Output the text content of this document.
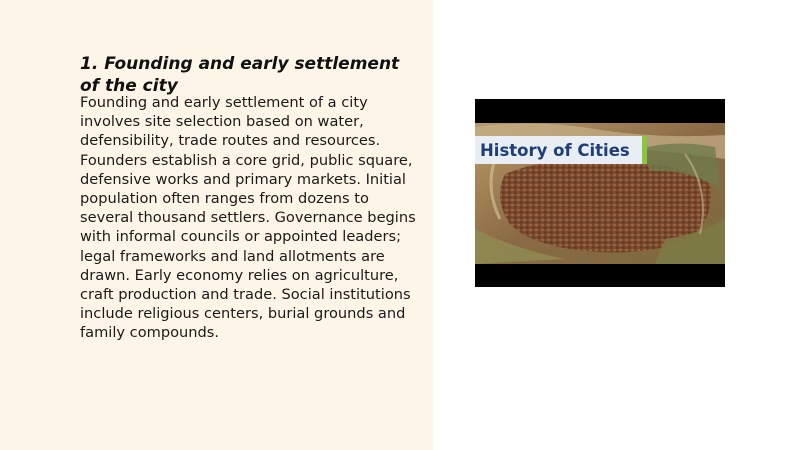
1. Founding and early settlement of the city

Founding and early settlement of a city involves site selection based on water, defensibility, trade routes and resources. Founders establish a core grid, public square, defensive works and primary markets. Initial population often ranges from dozens to several thousand settlers. Governance begins with informal councils or appointed leaders; legal frameworks and land allotments are drawn. Early economy relies on agriculture, craft production and trade. Social institutions include religious centers, burial grounds and family compounds.

History of Cities
